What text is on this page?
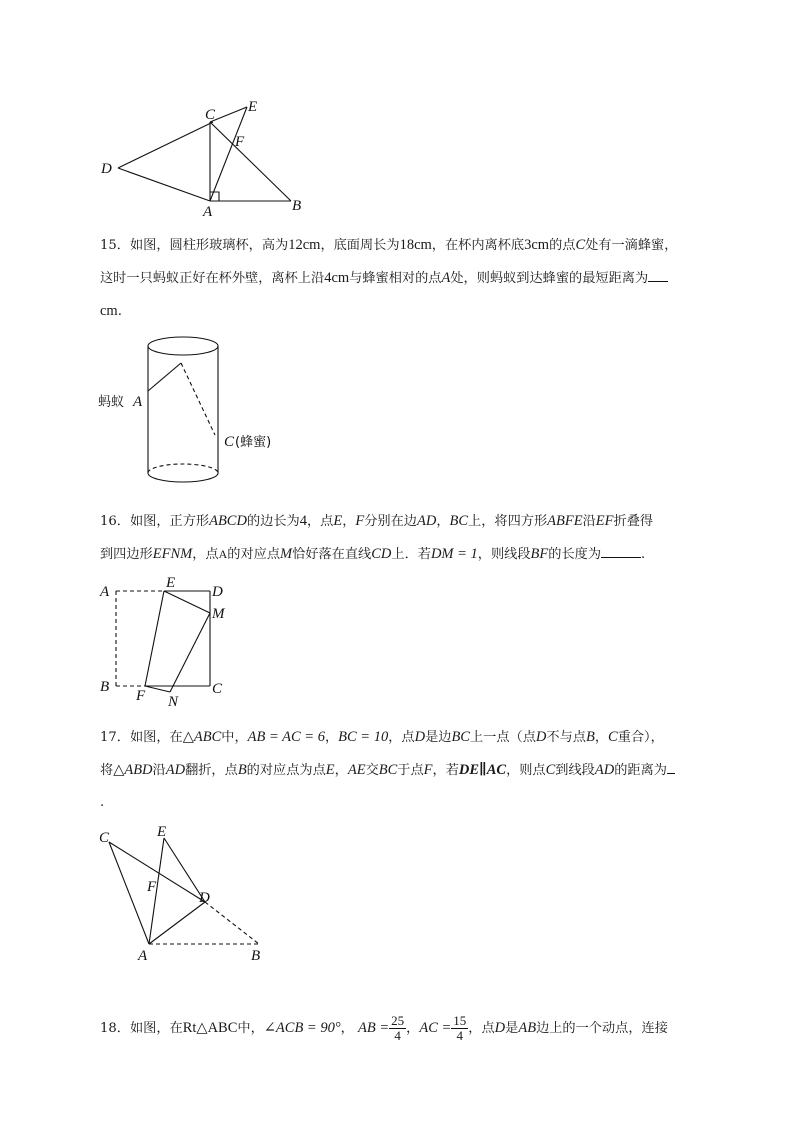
C E
F
D
A	B

15．如图，圆柱形玻璃杯，高为12cm，底面周长为18cm，在杯内离杯底3cm的点C处有一滴蜂蜜，

这时一只蚂蚁正好在杯外壁，离杯上沿4cm与蜂蜜相对的点A处，则蚂蚁到达蜂蜜的最短距离为

cm.

蚂蚁 A
C (蜂蜜)

16．如图，正方形ABCD的边长为4，点E，F分别在边AD，BC上，将四方形ABFE沿EF折叠得

到四边形EFNM，点A的对应点M恰好落在直线CD上．若DM = 1，则线段BF的长度为	.

A
E
D
M
B
F N
C

17．如图，在△ABC中，AB = AC = 6，BC = 10，点D是边BC上一点（点D不与点B，C重合），

将△ABD沿AD翻折，点B的对应点为点E，AE交BC于点F，若DE∥AC，则点C到线段AD的距离为

.

C	E
F
D
A	B

18．如图，在Rt△ABC中，∠ACB = 90°， AB = $\frac{25}{4}$ ，AC = $\frac{15}{4}$ ，点D是AB边上的一个动点，连接
